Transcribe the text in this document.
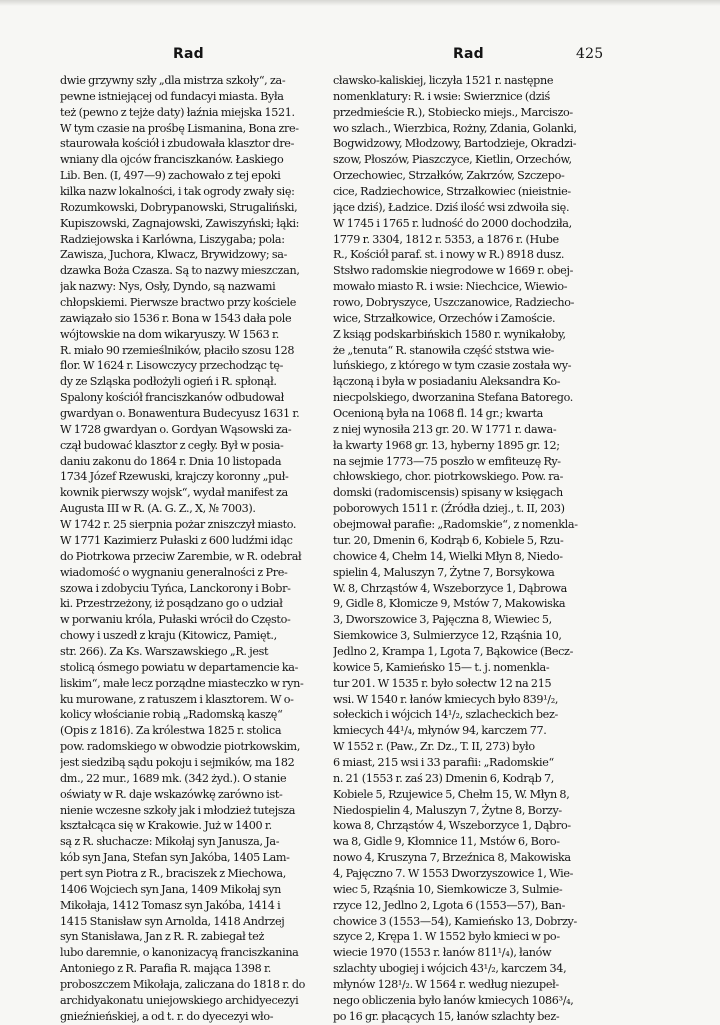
Rad	Rad	425
dwie grzywny szły „dla mistrza szkoły“, za-
pewne istniejącej od fundacyi miasta. Była
też (pewno z tejże daty) łaźnia miejska 1521.
W tym czasie na prośbę Lismanina, Bona zre-
staurowała kościół i zbudowała klasztor dre-
wniany dla ojców franciszkanów. Łaskiego
Lib. Ben. (I, 497—9) zachowało z tej epoki
kilka nazw lokalności, i tak ogrody zwały się:
Rozumkowski, Dobrypanowski, Strugaliński,
Kupiszowski, Zagnajowski, Zawiszyński; łąki:
Radziejowska i Karlówna, Liszygaba; pola:
Zawisza, Juchora, Klwacz, Brywidzowy; sa-
dzawka Boża Czasza. Są to nazwy mieszczan,
jak nazwy: Nys, Osły, Dyndo, są nazwami
chłopskiemi. Pierwsze bractwo przy kościele
zawiązało sio 1536 r. Bona w 1543 dała pole
wójtowskie na dom wikaryuszy. W 1563 r.
R. miało 90 rzemieślników, płaciło szosu 128
flor. W 1624 r. Lisowczycy przechodząc tę-
dy ze Szląska podłożyli ogień i R. spłonął.
Spalony kościół franciszkanów odbudował
gwardyan o. Bonawentura Budecyusz 1631 r.
W 1728 gwardyan o. Gordyan Wąsowski za-
czął budować klasztor z cegły. Był w posia-
daniu zakonu do 1864 r. Dnia 10 listopada
1734 Józef Rzewuski, krajczy koronny „puł-
kownik pierwszy wojsk“, wydał manifest za
Augusta III w R. (A. G. Z., X, № 7003).
W 1742 r. 25 sierpnia pożar zniszczył miasto.
W 1771 Kazimierz Pułaski z 600 ludźmi idąc
do Piotrkowa przeciw Zarembie, w R. odebrał
wiadomość o wygnaniu generalności z Pre-
szowa i zdobyciu Tyńca, Lanckorony i Bobr-
ki. Przestrzeżony, iż posądzano go o udział
w porwaniu króla, Pułaski wrócił do Często-
chowy i uszedł z kraju (Kitowicz, Pamięt.,
str. 266). Za Ks. Warszawskiego „R. jest
stolicą ósmego powiatu w departamencie ka-
liskim“, małe lecz porządne miasteczko w ryn-
ku murowane, z ratuszem i klasztorem. W o-
kolicy włościanie robią „Radomską kaszę“
(Opis z 1816). Za królestwa 1825 r. stolica
pow. radomskiego w obwodzie piotrkowskim,
jest siedzibą sądu pokoju i sejmików, ma 182
dm., 22 mur., 1689 mk. (342 żyd.). O stanie
oświaty w R. daje wskazówkę zarówno ist-
nienie wczesne szkoły jak i młodzież tutejsza
kształcąca się w Krakowie. Już w 1400 r.
są z R. słuchacze: Mikołaj syn Janusza, Ja-
kób syn Jana, Stefan syn Jakóba, 1405 Lam-
pert syn Piotra z R., braciszek z Miechowa,
1406 Wojciech syn Jana, 1409 Mikołaj syn
Mikołaja, 1412 Tomasz syn Jakóba, 1414 i
1415 Stanisław syn Arnolda, 1418 Andrzej
syn Stanisława, Jan z R. R. zabiegał też
lubo daremnie, o kanonizacyą franciszkanina
Antoniego z R. Parafia R. mająca 1398 r.
proboszczem Mikołaja, zaliczana do 1818 r. do
archidyakonatu uniejowskiego archidyecezyi
gnieźnieńskiej, a od t. r. do dyecezyi wło-
cławsko-kaliskiej, liczyła 1521 r. następne
nomenklatury: R. i wsie: Swierznice (dziś
przedmieście R.), Stobiecko miejs., Marciszo-
wo szlach., Wierzbica, Rożny, Zdania, Golanki,
Bogwidzowy, Młodzowy, Bartodzieje, Okradzi-
szow, Płoszów, Piaszczyce, Kietlin, Orzechów,
Orzechowiec, Strzałków, Zakrzów, Szczepo-
cice, Radziechowice, Strzałkowiec (nieistnie-
jące dziś), Ładzice. Dziś ilość wsi zdwoiła się.
W 1745 i 1765 r. ludność do 2000 dochodziła,
1779 r. 3304, 1812 r. 5353, a 1876 r. (Hube
R., Kościół paraf. st. i nowy w R.) 8918 dusz.
Stsłwo radomskie niegrodowe w 1669 r. obej-
mowało miasto R. i wsie: Niechcice, Wiewio-
rowo, Dobryszyce, Uszczanowice, Radziecho-
wice, Strzałkowice, Orzechów i Zamoście.
Z ksiąg podskarbińskich 1580 r. wynikałoby,
że „tenuta“ R. stanowiła część ststwa wie-
luńskiego, z którego w tym czasie została wy-
łączoną i była w posiadaniu Aleksandra Ko-
niecpolskiego, dworzanina Stefana Batorego.
Ocenioną była na 1068 fl. 14 gr.; kwarta
z niej wynosiła 213 gr. 20. W 1771 r. dawa-
ła kwarty 1968 gr. 13, hyberny 1895 gr. 12;
na sejmie 1773—75 poszło w emfiteuzę Ry-
chłowskiego, chor. piotrkowskiego. Pow. ra-
domski (radomiscensis) spisany w księgach
poborowych 1511 r. (Źródła dziej., t. II, 203)
obejmował parafie: „Radomskie“, z nomenkla-
tur. 20, Dmenin 6, Kodrąb 6, Kobiele 5, Rzu-
chowice 4, Chełm 14, Wielki Młyn 8, Niedo-
spielin 4, Maluszyn 7, Żytne 7, Borsykowa
W. 8, Chrząstów 4, Wszeborzyce 1, Dąbrowa
9, Gidle 8, Kłomicze 9, Mstów 7, Makowiska
3, Dworszowice 3, Pajęczna 8, Wiewiec 5,
Siemkowice 3, Sulmierzyce 12, Rząśnia 10,
Jedlno 2, Krampa 1, Lgota 7, Bąkowice (Becz-
kowice 5, Kamieńsko 15— t. j. nomenkla-
tur 201. W 1535 r. było sołectw 12 na 215
wsi. W 1540 r. łanów kmiecych było 839¹/₂,
sołeckich i wójcich 14¹/₂, szlacheckich bez-
kmiecych 44¹/₄, młynów 94, karczem 77.
W 1552 r. (Paw., Zr. Dz., T. II, 273) było
6 miast, 215 wsi i 33 parafii: „Radomskie“
n. 21 (1553 r. zaś 23) Dmenin 6, Kodrąb 7,
Kobiele 5, Rzujewice 5, Chełm 15, W. Młyn 8,
Niedospielin 4, Maluszyn 7, Żytne 8, Borzy-
kowa 8, Chrząstów 4, Wszeborzyce 1, Dąbro-
wa 8, Gidle 9, Kłomnice 11, Mstów 6, Boro-
nowo 4, Kruszyna 7, Brzeźnica 8, Makowiska
4, Pajęczno 7. W 1553 Dworzyszowice 1, Wie-
wiec 5, Rząśnia 10, Siemkowicze 3, Sulmie-
rzyce 12, Jedlno 2, Lgota 6 (1553—57), Ban-
chowice 3 (1553—54), Kamieńsko 13, Dobrzy-
szyce 2, Krępa 1. W 1552 było kmieci w po-
wiecie 1970 (1553 r. łanów 811¹/₄), łanów
szlachty ubogiej i wójcich 43¹/₂, karczem 34,
młynów 128¹/₂. W 1564 r. według niezupeł-
nego obliczenia było łanów kmiecych 1086³/₄,
po 16 gr. płacących 15, łanów szlachty bez-
